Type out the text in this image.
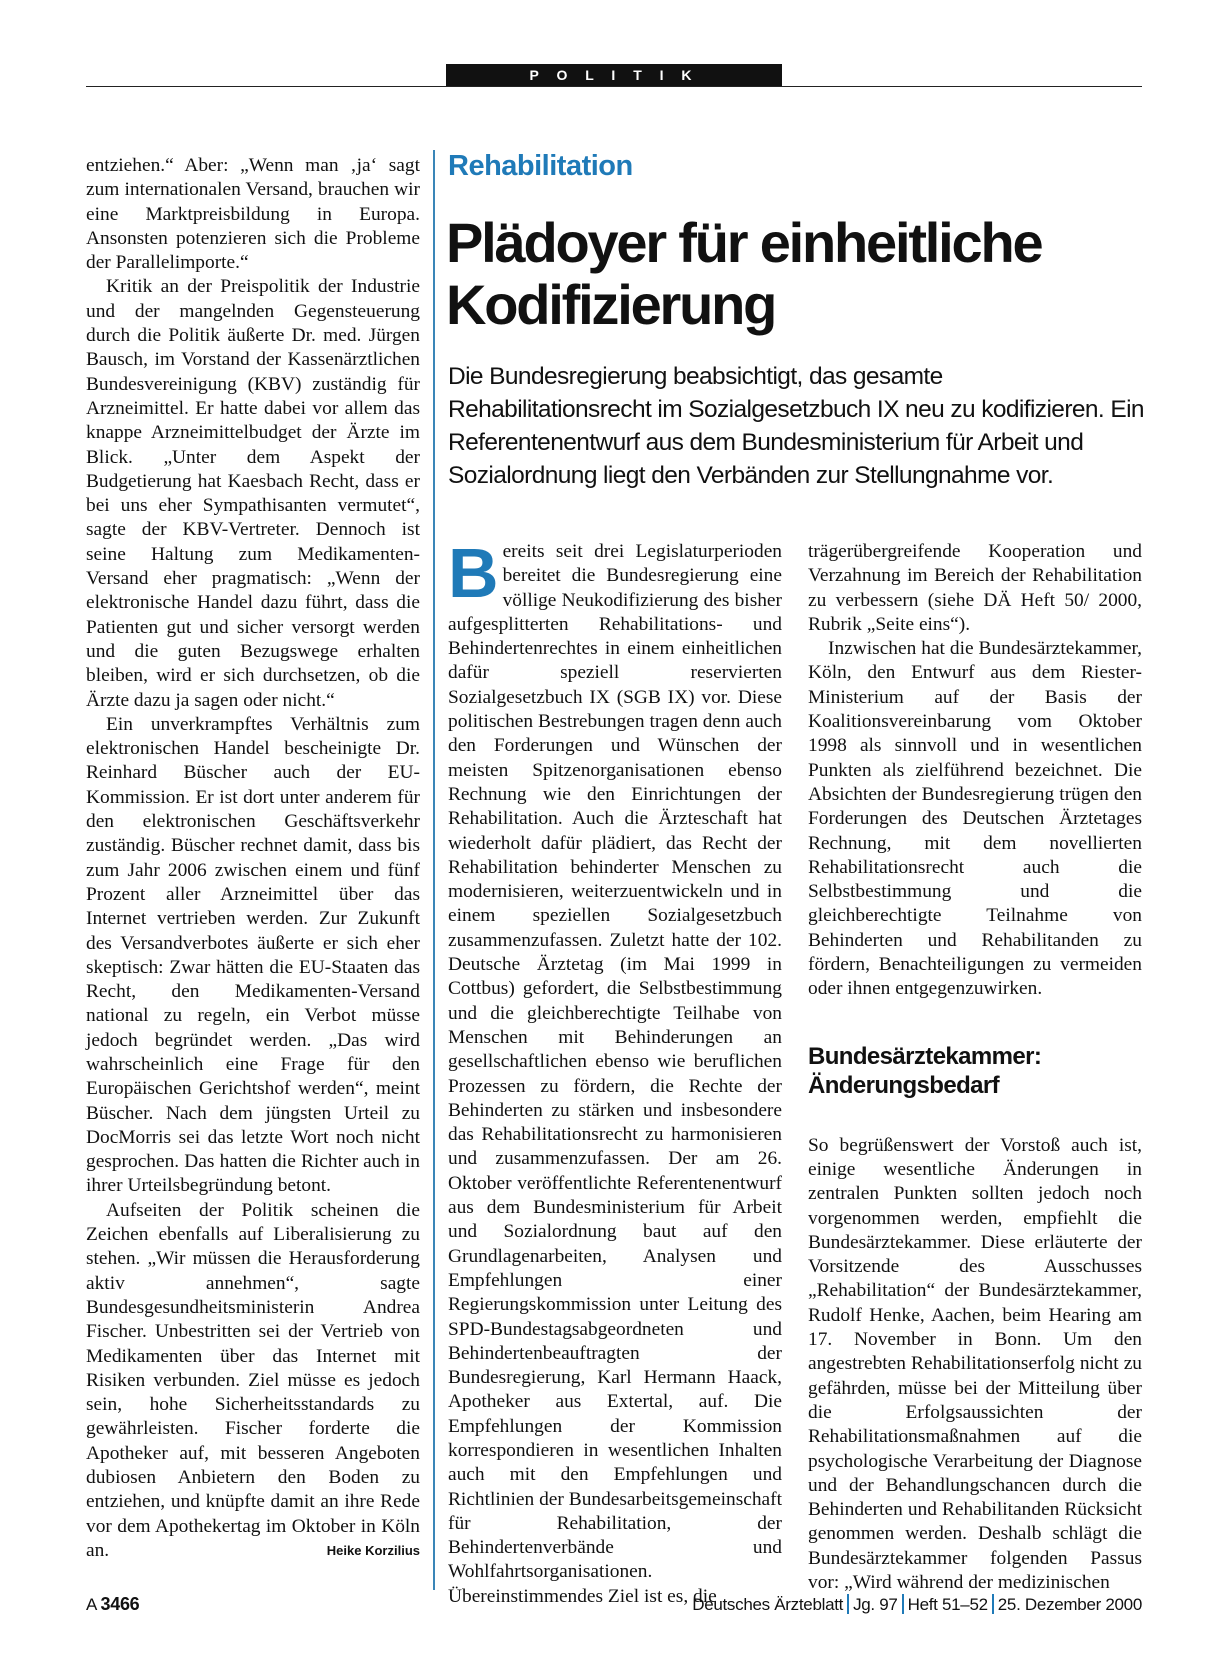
P O L I T I K

entziehen.“ Aber: „Wenn man ‚ja‘ sagt zum internationalen Versand, brauchen wir eine Marktpreisbildung in Europa. Ansonsten potenzieren sich die Probleme der Parallelimporte.“

Kritik an der Preispolitik der Industrie und der mangelnden Gegensteuerung durch die Politik äußerte Dr. med. Jürgen Bausch, im Vorstand der Kassenärztlichen Bundesvereinigung (KBV) zuständig für Arzneimittel. Er hatte dabei vor allem das knappe Arzneimittelbudget der Ärzte im Blick. „Unter dem Aspekt der Budgetierung hat Kaesbach Recht, dass er bei uns eher Sympathisanten vermutet“, sagte der KBV-Vertreter. Dennoch ist seine Haltung zum Medikamenten-Versand eher pragmatisch: „Wenn der elektronische Handel dazu führt, dass die Patienten gut und sicher versorgt werden und die guten Bezugswege erhalten bleiben, wird er sich durchsetzen, ob die Ärzte dazu ja sagen oder nicht.“

Ein unverkrampftes Verhältnis zum elektronischen Handel bescheinigte Dr. Reinhard Büscher auch der EU-Kommission. Er ist dort unter anderem für den elektronischen Geschäftsverkehr zuständig. Büscher rechnet damit, dass bis zum Jahr 2006 zwischen einem und fünf Prozent aller Arzneimittel über das Internet vertrieben werden. Zur Zukunft des Versandverbotes äußerte er sich eher skeptisch: Zwar hätten die EU-Staaten das Recht, den Medikamenten-Versand national zu regeln, ein Verbot müsse jedoch begründet werden. „Das wird wahrscheinlich eine Frage für den Europäischen Gerichtshof werden“, meint Büscher. Nach dem jüngsten Urteil zu DocMorris sei das letzte Wort noch nicht gesprochen. Das hatten die Richter auch in ihrer Urteilsbegründung betont.

Aufseiten der Politik scheinen die Zeichen ebenfalls auf Liberalisierung zu stehen. „Wir müssen die Herausforderung aktiv annehmen“, sagte Bundesgesundheitsministerin Andrea Fischer. Unbestritten sei der Vertrieb von Medikamenten über das Internet mit Risiken verbunden. Ziel müsse es jedoch sein, hohe Sicherheitsstandards zu gewährleisten. Fischer forderte die Apotheker auf, mit besseren Angeboten dubiosen Anbietern den Boden zu entziehen, und knüpfte damit an ihre Rede vor dem Apothekertag im Oktober in Köln an.	Heike Korzilius

Rehabilitation
Plädoyer für einheitliche Kodifizierung

Die Bundesregierung beabsichtigt, das gesamte Rehabilitationsrecht im Sozialgesetzbuch IX neu zu kodifizieren. Ein Referentenentwurf aus dem Bundesministerium für Arbeit und Sozialordnung liegt den Verbänden zur Stellungnahme vor.

Bereits seit drei Legislaturperioden bereitet die Bundesregierung eine völlige Neukodifizierung des bisher aufgesplitterten Rehabilitations- und Behindertenrechtes in einem einheitlichen dafür speziell reservierten Sozialgesetzbuch IX (SGB IX) vor. Diese politischen Bestrebungen tragen denn auch den Forderungen und Wünschen der meisten Spitzenorganisationen ebenso Rechnung wie den Einrichtungen der Rehabilitation. Auch die Ärzteschaft hat wiederholt dafür plädiert, das Recht der Rehabilitation behinderter Menschen zu modernisieren, weiterzuentwickeln und in einem speziellen Sozialgesetzbuch zusammenzufassen. Zuletzt hatte der 102. Deutsche Ärztetag (im Mai 1999 in Cottbus) gefordert, die Selbstbestimmung und die gleichberechtigte Teilhabe von Menschen mit Behinderungen an gesellschaftlichen ebenso wie beruflichen Prozessen zu fördern, die Rechte der Behinderten zu stärken und insbesondere das Rehabilitationsrecht zu harmonisieren und zusammenzufassen. Der am 26. Oktober veröffentlichte Referentenentwurf aus dem Bundesministerium für Arbeit und Sozialordnung baut auf den Grundlagenarbeiten, Analysen und Empfehlungen einer Regierungskommission unter Leitung des SPD-Bundestagsabgeordneten und Behindertenbeauftragten der Bundesregierung, Karl Hermann Haack, Apotheker aus Extertal, auf. Die Empfehlungen der Kommission korrespondieren in wesentlichen Inhalten auch mit den Empfehlungen und Richtlinien der Bundesarbeitsgemeinschaft für Rehabilitation, der Behindertenverbände und Wohlfahrtsorganisationen. Übereinstimmendes Ziel ist es, die

trägerübergreifende Kooperation und Verzahnung im Bereich der Rehabilitation zu verbessern (siehe DÄ Heft 50/ 2000, Rubrik „Seite eins“).

Inzwischen hat die Bundesärztekammer, Köln, den Entwurf aus dem Riester-Ministerium auf der Basis der Koalitionsvereinbarung vom Oktober 1998 als sinnvoll und in wesentlichen Punkten als zielführend bezeichnet. Die Absichten der Bundesregierung trügen den Forderungen des Deutschen Ärztetages Rechnung, mit dem novellierten Rehabilitationsrecht auch die Selbstbestimmung und die gleichberechtigte Teilnahme von Behinderten und Rehabilitanden zu fördern, Benachteiligungen zu vermeiden oder ihnen entgegenzuwirken.

Bundesärztekammer: Änderungsbedarf

So begrüßenswert der Vorstoß auch ist, einige wesentliche Änderungen in zentralen Punkten sollten jedoch noch vorgenommen werden, empfiehlt die Bundesärztekammer. Diese erläuterte der Vorsitzende des Ausschusses „Rehabilitation“ der Bundesärztekammer, Rudolf Henke, Aachen, beim Hearing am 17. November in Bonn. Um den angestrebten Rehabilitationserfolg nicht zu gefährden, müsse bei der Mitteilung über die Erfolgsaussichten der Rehabilitationsmaßnahmen auf die psychologische Verarbeitung der Diagnose und der Behandlungschancen durch die Behinderten und Rehabilitanden Rücksicht genommen werden. Deshalb schlägt die Bundesärztekammer folgenden Passus vor: „Wird während der medizinischen

A 3466	Deutsches Ärzteblatt Jg. 97 Heft 51–52 25. Dezember 2000
